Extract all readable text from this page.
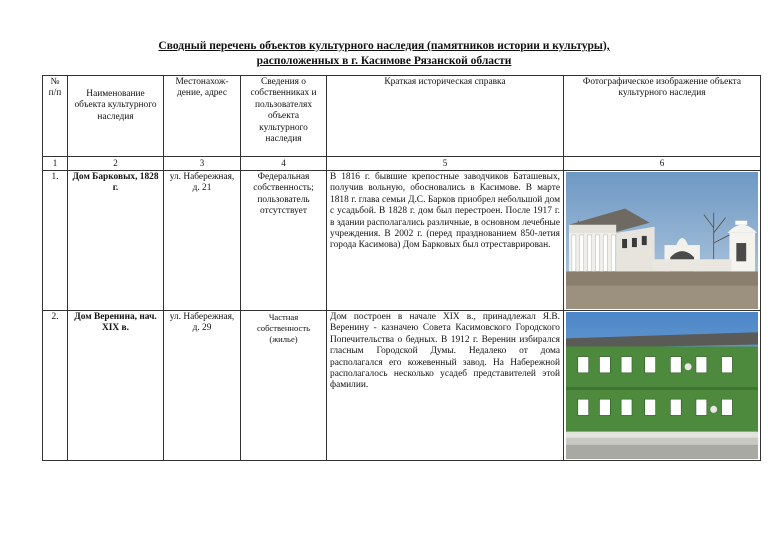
Сводный перечень объектов культурного наследия (памятников истории и культуры),
расположенных в г. Касимове Рязанской области
№ п/п	Наименование объекта культурного наследия	Местонахож-дение, адрес	Сведения о собственниках и пользователях объекта культурного наследия	Краткая историческая справка	Фотографическое изображение объекта культурного наследия
1	2	3	4	5	6
1.	Дом Барковых, 1828 г.	ул. Набережная, д. 21	Федеральная собственность; пользователь отсутствует	В 1816 г. бывшие крепостные заводчиков Баташевых, получив вольную, обосновались в Касимове. В марте 1818 г. глава семьи Д.С. Барков приобрел небольшой дом с усадьбой. В 1828 г. дом был перестроен. После 1917 г. в здании располагались различные, в основном лечебные учреждения. В 2002 г. (перед празднованием 850-летия города Касимова) Дом Барковых был отреставрирован.	

2.	Дом Веренина, нач. XIX в.	ул. Набережная, д. 29	Частная собственность (жилье)	Дом построен в начале XIX в., принадлежал Я.В. Веренину - казначею Совета Касимовского Городского Попечительства о бедных. В 1912 г. Веренин избирался гласным Городской Думы. Недалеко от дома располагался его кожевенный завод. На Набережной располагалось несколько усадеб представителей этой фамилии.	
